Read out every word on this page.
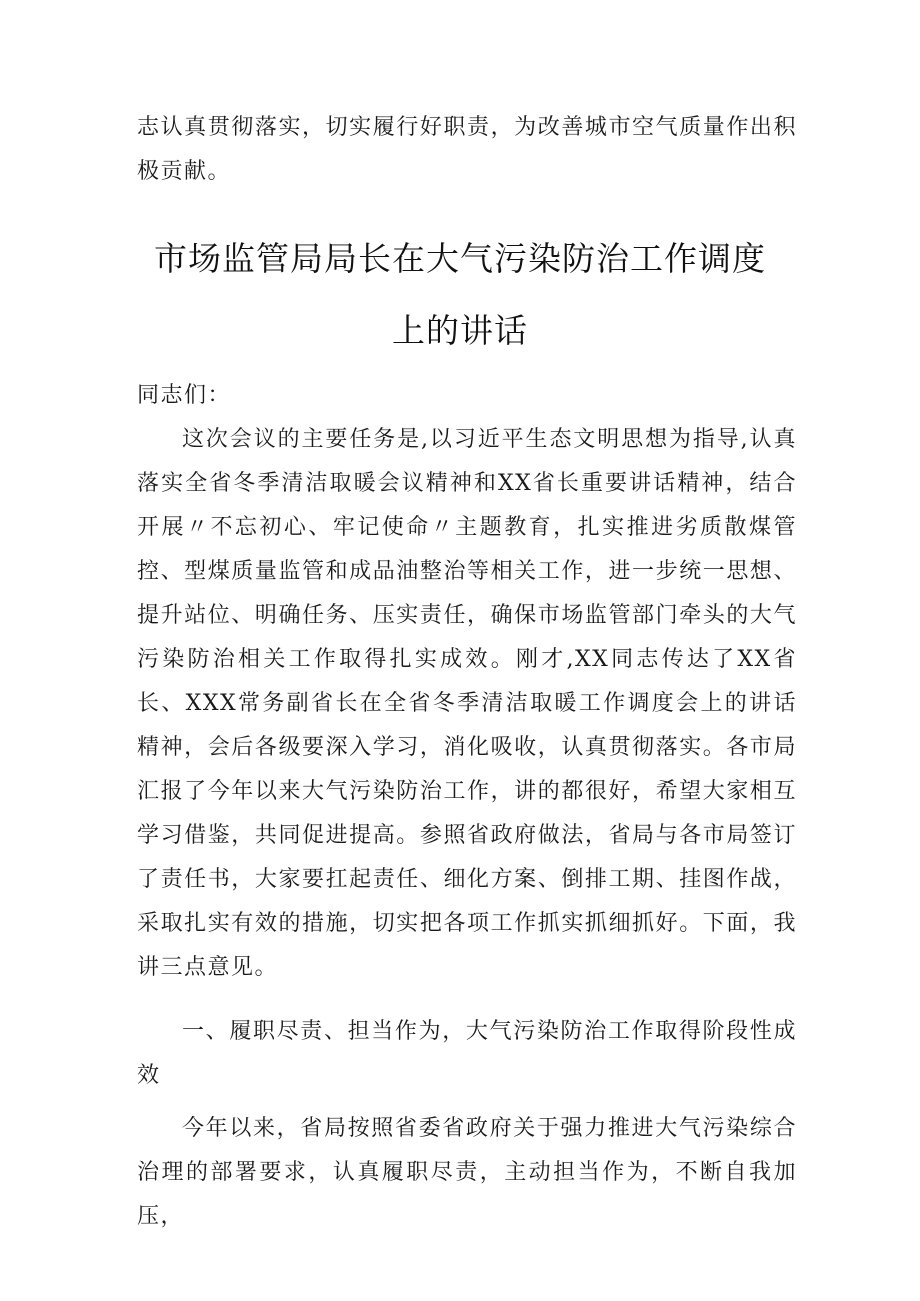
志认真贯彻落实，切实履行好职责，为改善城市空气质量作出积极贡献。

市场监管局局长在大气污染防治工作调度
上的讲话

同志们：

这次会议的主要任务是,以习近平生态文明思想为指导,认真落实全省冬季清洁取暖会议精神和XX省长重要讲话精神，结合开展〃不忘初心、牢记使命〃主题教育，扎实推进劣质散煤管控、型煤质量监管和成品油整治等相关工作，进一步统一思想、提升站位、明确任务、压实责任，确保市场监管部门牵头的大气污染防治相关工作取得扎实成效。刚才,XX同志传达了XX省长、XXX常务副省长在全省冬季清洁取暖工作调度会上的讲话精神，会后各级要深入学习，消化吸收，认真贯彻落实。各市局汇报了今年以来大气污染防治工作，讲的都很好，希望大家相互学习借鉴，共同促进提高。参照省政府做法，省局与各市局签订了责任书，大家要扛起责任、细化方案、倒排工期、挂图作战，采取扎实有效的措施，切实把各项工作抓实抓细抓好。下面，我讲三点意见。

一、履职尽责、担当作为，大气污染防治工作取得阶段性成效

今年以来，省局按照省委省政府关于强力推进大气污染综合治理的部署要求，认真履职尽责，主动担当作为，不断自我加压，
